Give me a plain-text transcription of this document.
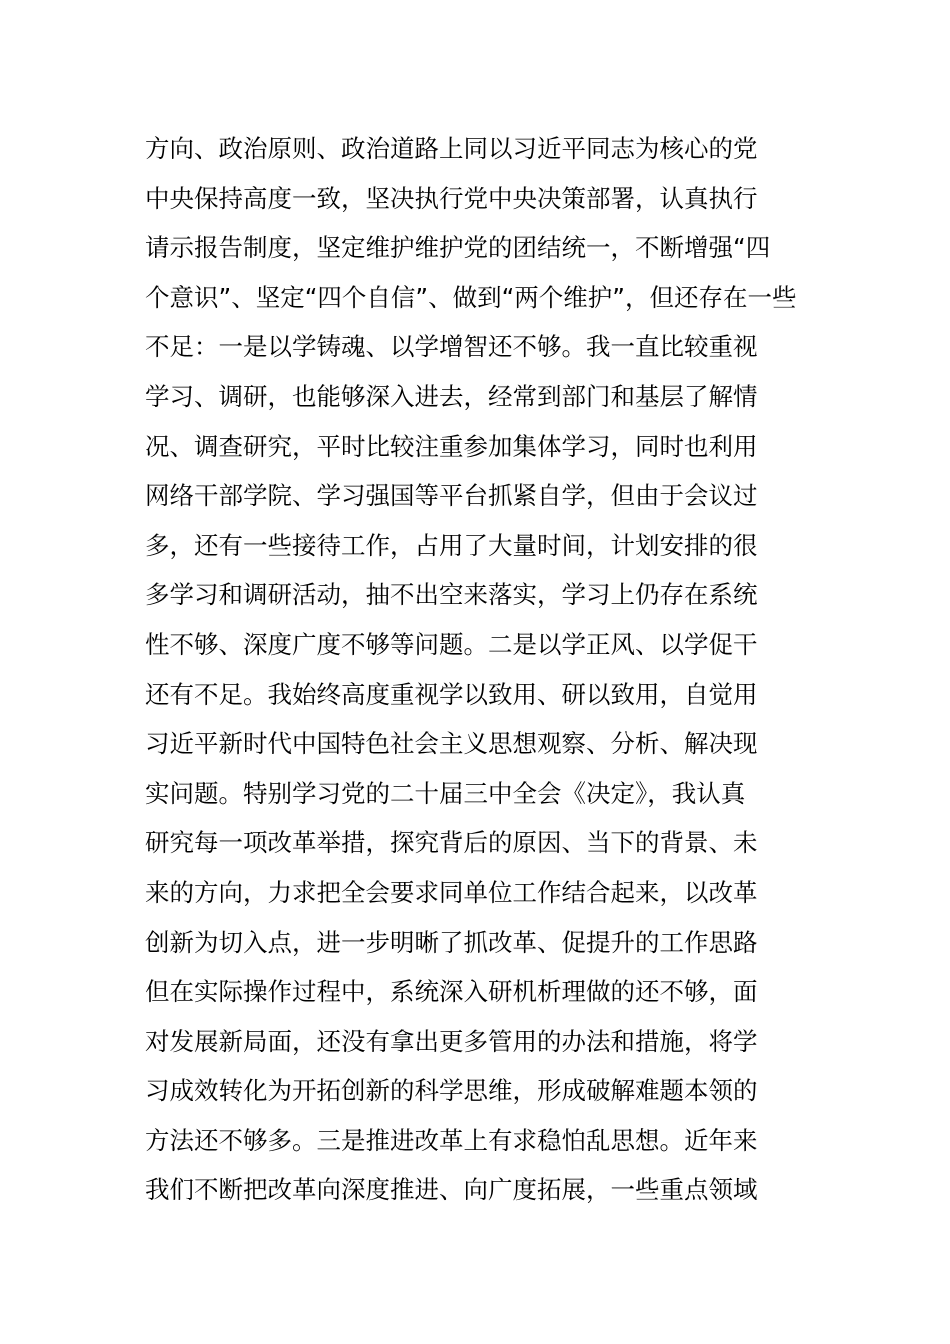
方向、政治原则、政治道路上同以习近平同志为核心的党
中央保持高度一致，坚决执行党中央决策部署，认真执行
请示报告制度，坚定维护维护党的团结统一，不断增强“四
个意识”、坚定“四个自信”、做到“两个维护”，但还存在一些
不足：一是以学铸魂、以学增智还不够。我一直比较重视
学习、调研，也能够深入进去，经常到部门和基层了解情
况、调查研究，平时比较注重参加集体学习，同时也利用
网络干部学院、学习强国等平台抓紧自学，但由于会议过
多，还有一些接待工作，占用了大量时间，计划安排的很
多学习和调研活动，抽不出空来落实，学习上仍存在系统
性不够、深度广度不够等问题。二是以学正风、以学促干
还有不足。我始终高度重视学以致用、研以致用，自觉用
习近平新时代中国特色社会主义思想观察、分析、解决现
实问题。特别学习党的二十届三中全会《决定》，我认真
研究每一项改革举措，探究背后的原因、当下的背景、未
来的方向，力求把全会要求同单位工作结合起来，以改革
创新为切入点，进一步明晰了抓改革、促提升的工作思路
但在实际操作过程中，系统深入研机析理做的还不够，面
对发展新局面，还没有拿出更多管用的办法和措施，将学
习成效转化为开拓创新的科学思维，形成破解难题本领的
方法还不够多。三是推进改革上有求稳怕乱思想。近年来
我们不断把改革向深度推进、向广度拓展，一些重点领域
